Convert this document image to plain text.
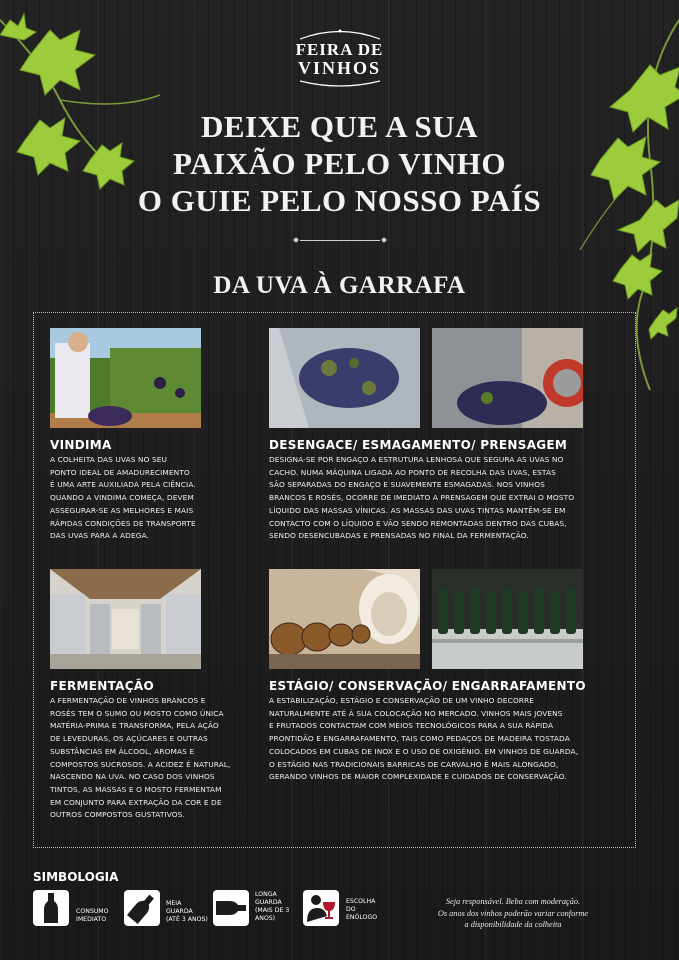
FEIRA DE
VINHOS
DEIXE QUE A SUA
PAIXÃO PELO VINHO
O GUIE PELO NOSSO PAÍS
DA UVA À GARRAFA
VINDIMA
A COLHEITA DAS UVAS NO SEU
PONTO IDEAL DE AMADURECIMENTO
É UMA ARTE AUXILIADA PELA CIÊNCIA.
QUANDO A VINDIMA COMEÇA, DEVEM
ASSEGURAR-SE AS MELHORES E MAIS
RÁPIDAS CONDIÇÕES DE TRANSPORTE
DAS UVAS PARA A ADEGA.
DESENGACE/ ESMAGAMENTO/ PRENSAGEM
DESIGNA-SE POR ENGAÇO A ESTRUTURA LENHOSA QUE SEGURA AS UVAS NO
CACHO. NUMA MÁQUINA LIGADA AO PONTO DE RECOLHA DAS UVAS, ESTAS
SÃO SEPARADAS DO ENGAÇO E SUAVEMENTE ESMAGADAS. NOS VINHOS
BRANCOS E ROSÉS, OCORRE DE IMEDIATO A PRENSAGEM QUE EXTRAI O MOSTO
LÍQUIDO DAS MASSAS VÍNICAS. AS MASSAS DAS UVAS TINTAS MANTÊM-SE EM
CONTACTO COM O LÍQUIDO E VÃO SENDO REMONTADAS DENTRO DAS CUBAS,
SENDO DESENCUBADAS E PRENSADAS NO FINAL DA FERMENTAÇÃO.
FERMENTAÇÃO
A FERMENTAÇÃO DE VINHOS BRANCOS E
ROSÉS TEM O SUMO OU MOSTO COMO ÚNICA
MATÉRIA-PRIMA E TRANSFORMA, PELA AÇÃO
DE LEVEDURAS, OS AÇÚCARES E OUTRAS
SUBSTÂNCIAS EM ÁLCOOL, AROMAS E
COMPOSTOS SUCROSOS. A ACIDEZ É NATURAL,
NASCENDO NA UVA. NO CASO DOS VINHOS
TINTOS, AS MASSAS E O MOSTO FERMENTAM
EM CONJUNTO PARA EXTRAÇÃO DA COR E DE
OUTROS COMPOSTOS GUSTATIVOS.
ESTÁGIO/ CONSERVAÇÃO/ ENGARRAFAMENTO
A ESTABILIZAÇÃO, ESTÁGIO E CONSERVAÇÃO DE UM VINHO DECORRE
NATURALMENTE ATÉ À SUA COLOCAÇÃO NO MERCADO. VINHOS MAIS JOVENS
E FRUTADOS CONTACTAM COM MEIOS TECNOLÓGICOS PARA A SUA RÁPIDA
PRONTIDÃO E ENGARRAFAMENTO, TAIS COMO PEDAÇOS DE MADEIRA TOSTADA
COLOCADOS EM CUBAS DE INOX E O USO DE OXIGÉNIO. EM VINHOS DE GUARDA,
O ESTÁGIO NAS TRADICIONAIS BARRICAS DE CARVALHO É MAIS ALONGADO,
GERANDO VINHOS DE MAIOR COMPLEXIDADE E CUIDADOS DE CONSERVAÇÃO.
SIMBOLOGIA
CONSUMO
IMEDIATO
MEIA
GUARDA
(ATÉ 3 ANOS)
LONGA
GUARDA
(MAIS DE 3
ANOS)
ESCOLHA
DO
ENÓLOGO
Seja responsável. Beba com moderação.
Os anos dos vinhos poderão variar conforme
a disponibilidade da colheita
